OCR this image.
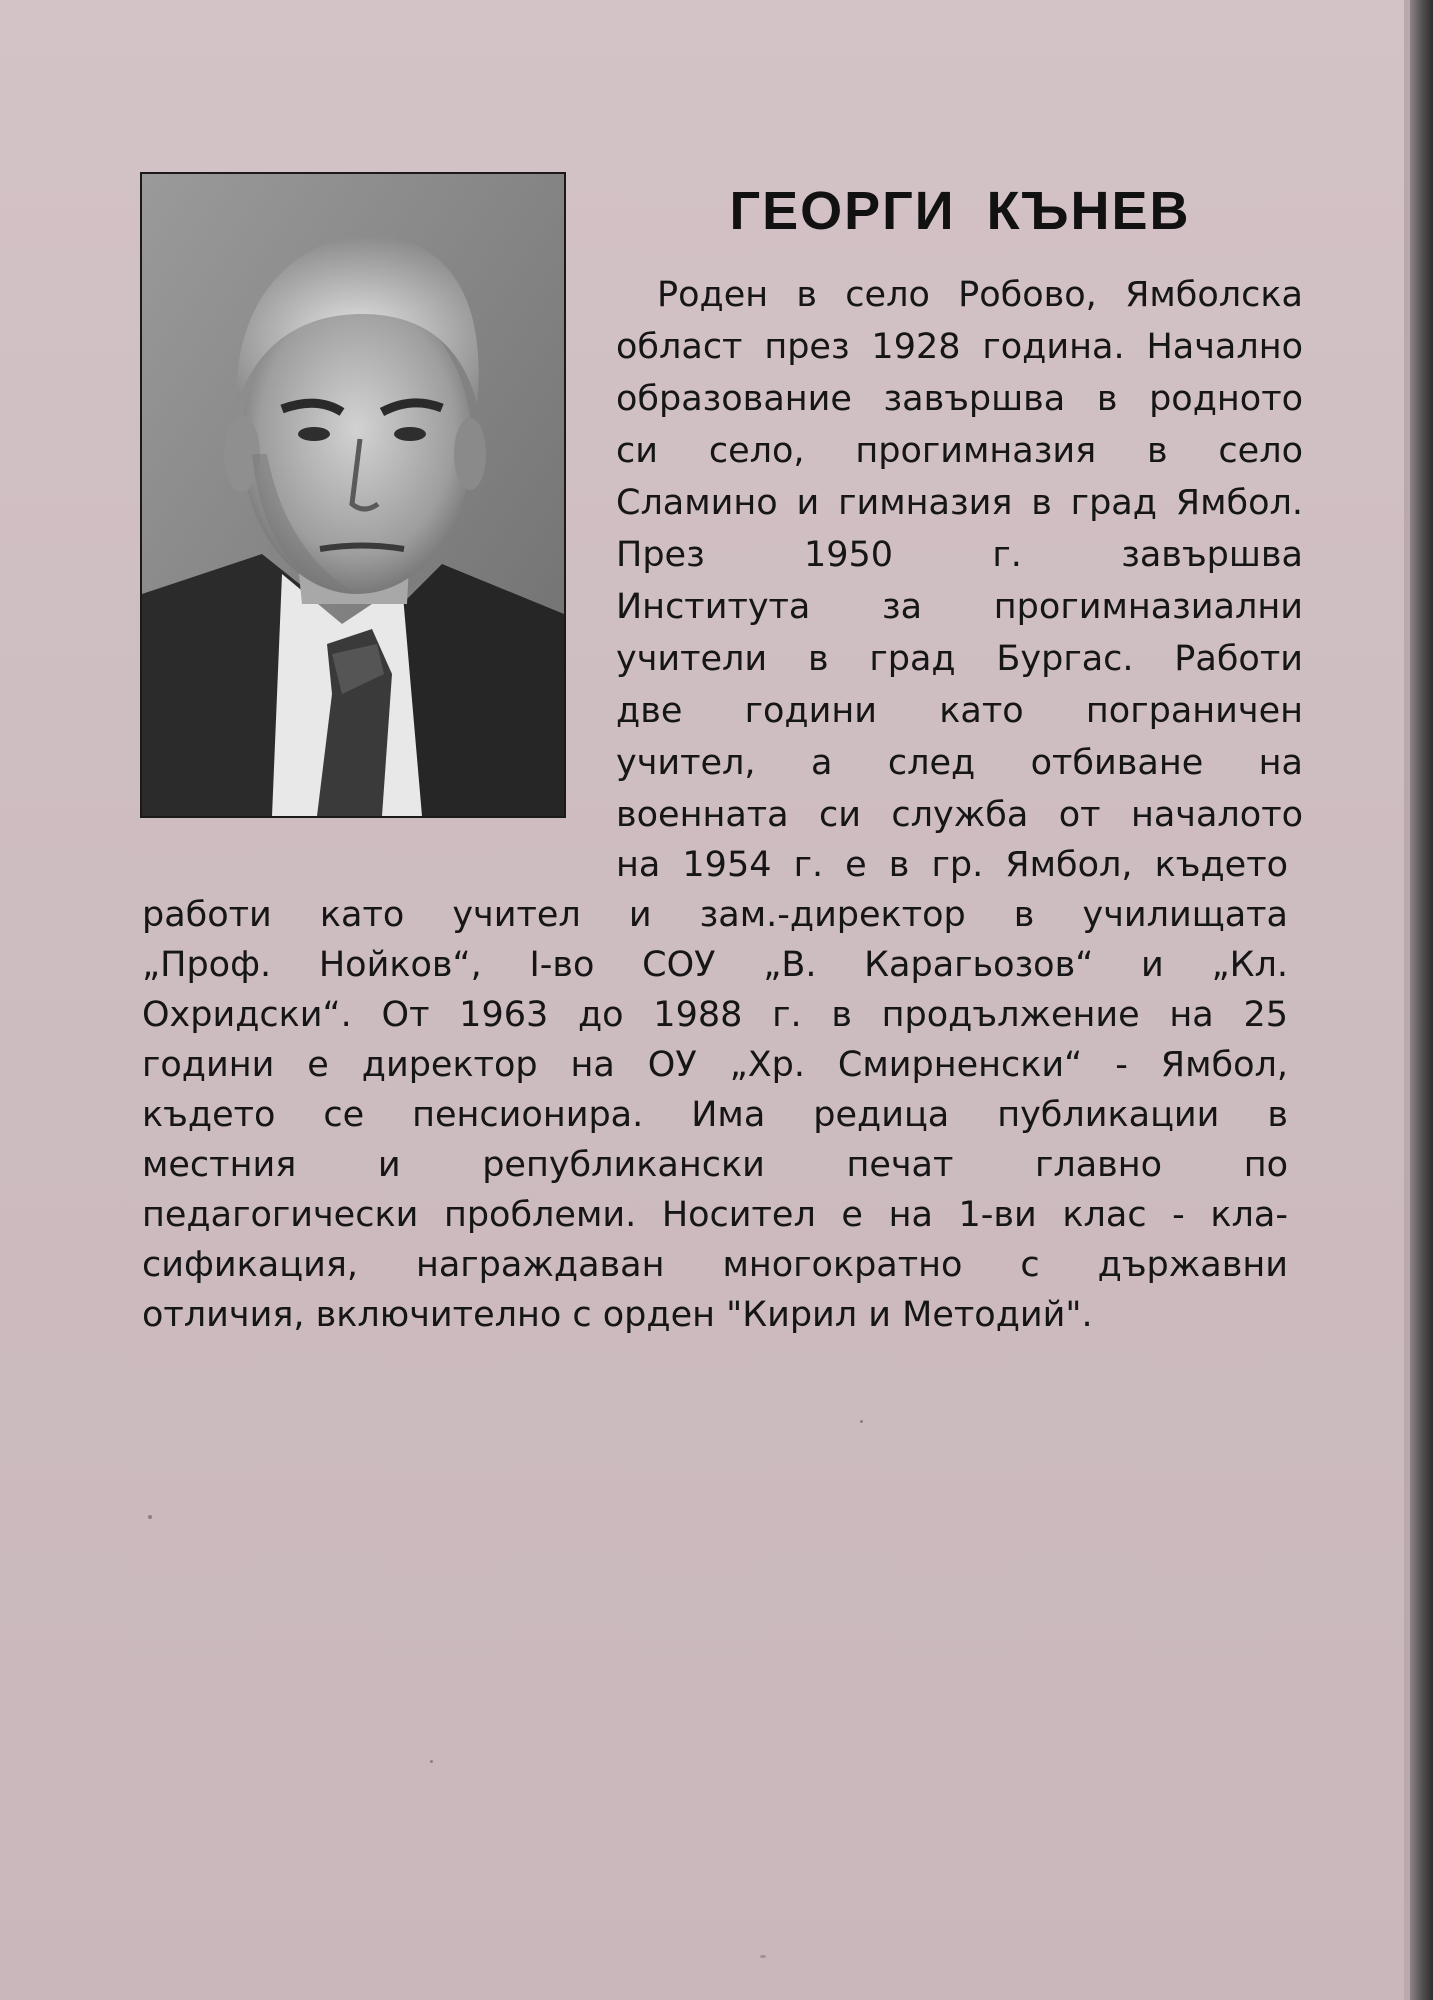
ГЕОРГИ КЪНЕВ
Роден в село Робово, Ямболска
област през 1928 година. Начално
образование завършва в родното
си село, прогимназия в село
Сламино и гимназия в град Ямбол.
През 1950 г. завършва
Института за прогимназиални
учители в град Бургас. Работи
две години като пограничен
учител, а след отбиване на
военната си служба от началото
на 1954 г. е в гр. Ямбол, където
работи като учител и зам.-директор в училищата
„Проф. Нойков“, I-во СОУ „В. Карагьозов“ и „Кл.
Охридски“. От 1963 до 1988 г. в продължение на 25
години е директор на ОУ „Хр. Смирненски“ - Ямбол,
където се пенсионира. Има редица публикации в
местния и републикански печат главно по
педагогически проблеми. Носител е на 1-ви клас - кла-
сификация, награждаван многократно с държавни
отличия, включително с орден "Кирил и Методий".
